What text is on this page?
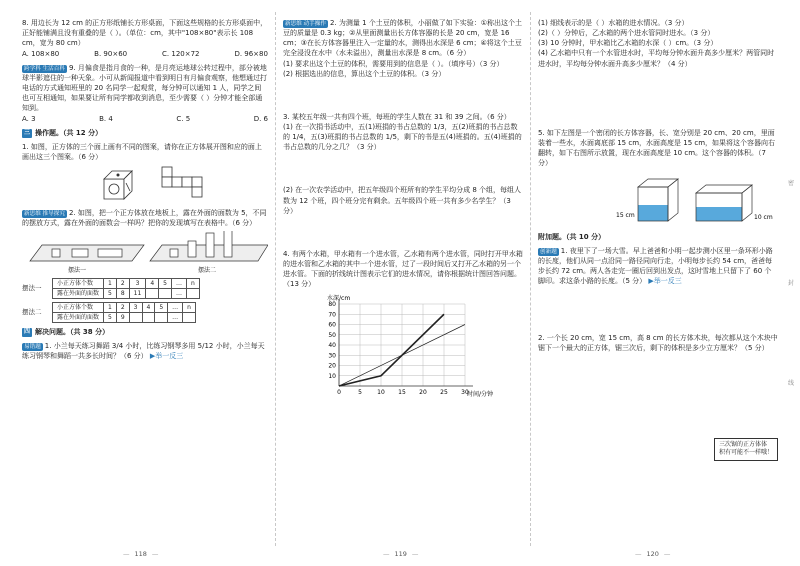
8. 用边长为 12 cm 的正方形纸铺长方形桌面，下面这些规格的长方形桌面中，正好能铺满且没有重叠的是（ ）。（单位：cm，其中"108×80"表示长 108 cm，宽为 80 cm）
A. 108×80	B. 90×60	C. 120×72	D. 96×80
跨学科 生活百科 9. 月偏食是指月食的一种，是月亮运地球公转过程中，部分被地球半影遮住的一种天象。小可从新闻报道中看到明日有月偏食观察，他想通过打电话的方式通知班里的 20 名同学一起观赏，每分钟可以通知 1 人，同学之间也可互相通知，如果要让所有同学都收到消息，至少需要（ ）分钟才能全部通知到。
A. 3	B. 4	C. 5	D. 6
三 操作题。（共 12 分）
1. 如图，正方体的三个面上画有不同的图案，请你在正方体展开图和应的面上画出这三个图案。（6 分）
新思维 推导探究 2. 如图，把一个正方体放在地板上，露在外面的面数为 5，不同的摆放方式，露在外面的面数会一样吗？把你的发现填写在表格中。（6 分）
摆法一	摆法二
摆法一
小正方体个数	1	2	3	4	5	…	n
露在外面的面数	5	8	11			…	
摆法二
小正方体个数	1	2	3	4	5	…	n
露在外面的面数	5	9				…	
四 解决问题。（共 38 分）
易错题 1. 小兰每天练习舞蹈 3/4 小时，比练习钢琴多用 5/12 小时，小兰每天练习钢琴和舞蹈一共多长时间？（6 分） ▶举一反三
— 118 —
新思维 动手操作 2. 为测量 1 个土豆的体积，小丽做了如下实验：①称出这个土豆的质量是 0.3 kg；②从里面测量出长方体容器的长是 20 cm，宽是 16 cm；③在长方体容器里注入一定量的水，测得出水深是 6 cm；④将这个土豆完全浸没在水中（水未溢出），测量出水深是 8 cm。（6 分）
(1) 要求出这个土豆的体积，需要用到的信息是（ ）。（填序号）（3 分）
(2) 根据选出的信息，算出这个土豆的体积。（3 分）
3. 某校五年级一共有四个班，每班的学生人数在 31 和 39 之间。（6 分）
(1) 在一次捐书活动中，五(1)班捐的书占总数的 1/3，五(2)班捐的书占总数的 1/4，五(3)班捐的书占总数的 1/5，剩下的书是五(4)班捐的。五(4)班捐的书占总数的几分之几？（3 分）
(2) 在一次农学活动中，把五年级四个班所有的学生平均分成 8 个组，每组人数为 12 个班，四个班分完有剩余。五年级四个班一共有多少名学生？（3 分）
4. 有两个水箱，甲水箱有一个进水管，乙水箱有两个进水管，同时打开甲水箱的进水管和乙水箱的其中一个进水管，过了一段时间后又打开乙水箱的另一个进水管。下面的折线统计图表示它们的进水情况，请你根据统计图回答问题。（13 分）
水深/cm
0	5	10 15 20 25 30
10
20
30
40
50
60
70
80
时间/分钟
— 119 —
(1) 细线表示的是（ ）水箱的进水情况。（3 分）
(2)（ ）分钟后，乙水箱的两个进水管同时进水。（3 分）
(3) 10 分钟时，甲水箱比乙水箱的水深（ ）cm。（3 分）
(4) 乙水箱中只有一个水管进水时，平均每分钟水面升高多少厘米？两管同时进水时，平均每分钟水面升高多少厘米？（4 分）
5. 如下左图是一个密闭的长方体容器，长、宽分别是 20 cm、20 cm，里面装着一些水，水面离底部 15 cm，水面高度是 15 cm，如果将这个容器向右翻转，如下右图所示放置，现在水面高度是 10 cm。这个容器的体积。（7 分）
15 cm	10 cm
附加题。（共 10 分）
创新题 1. 夜里下了一场大雪。早上爸爸和小明一起步测小区里一条环形小路的长度，他们从同一点沿同一路径同向行走，小明每步长约 54 cm，爸爸每步长约 72 cm。两人各走完一圈后回到出发点，这时雪地上只留下了 60 个脚印。求这条小路的长度。（5 分） ▶举一反三
2. 一个长 20 cm，宽 15 cm，高 8 cm 的长方体木块，每次都从这个木块中锯下一个最大的正方体，锯三次后，剩下的体积是多少立方厘米？（5 分）
三次锯的正方体体
积有可能不一样哦！
密
封
线
— 120 —
